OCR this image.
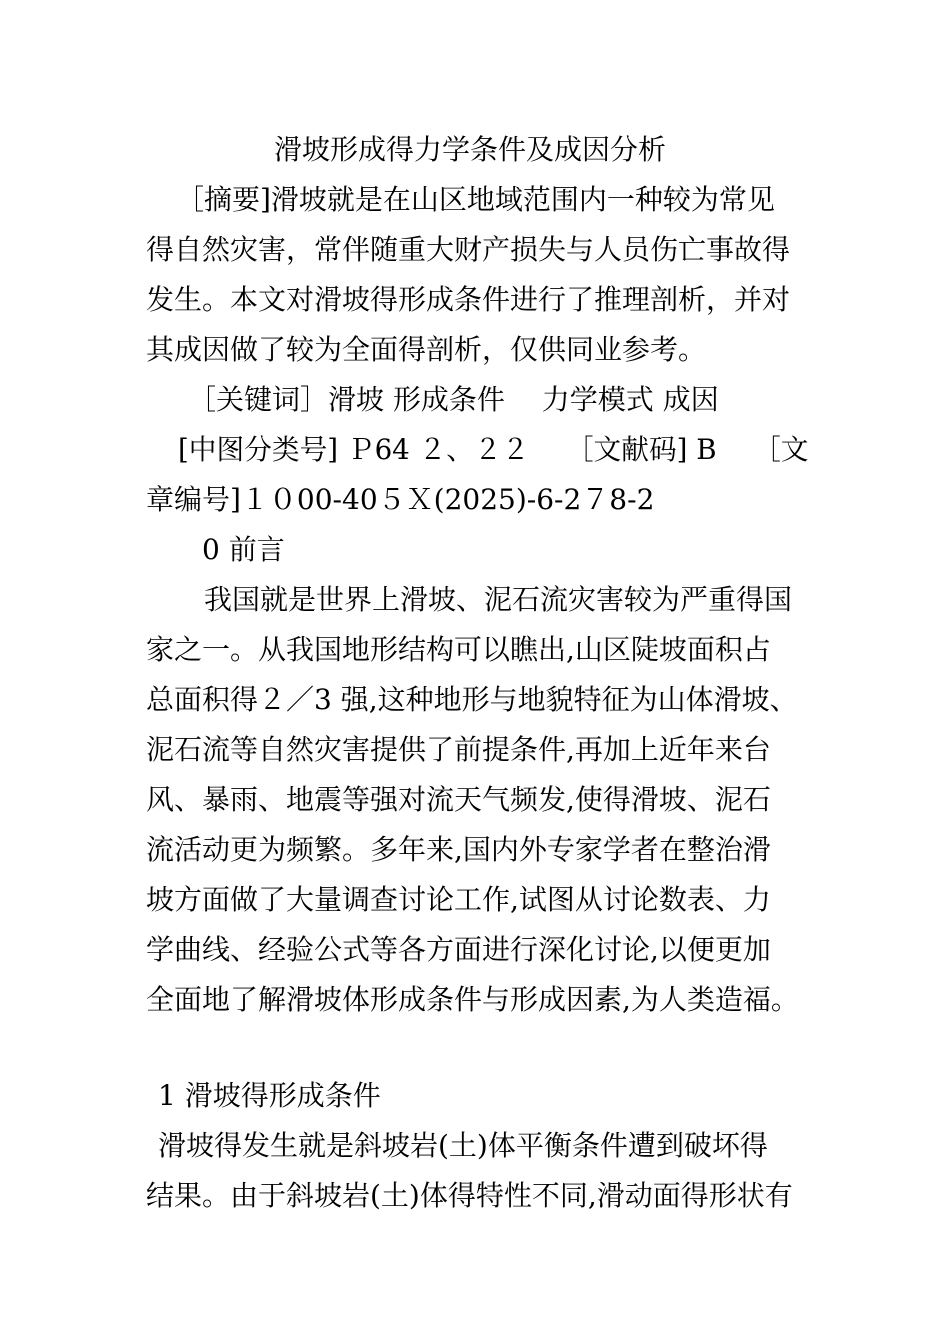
滑坡形成得力学条件及成因分析
［摘要]滑坡就是在山区地域范围内一种较为常见
得自然灾害，常伴随重大财产损失与人员伤亡事故得
发生。本文对滑坡得形成条件进行了推理剖析，并对
其成因做了较为全面得剖析，仅供同业参考。
［关键词］滑坡 形成条件　 力学模式 成因
[中图分类号] Ｐ64 ２、２２　 ［文献码] B　 ［文
章编号]１０00-40５Ｘ(2025)-6-2７8-2
0 前言
我国就是世界上滑坡、泥石流灾害较为严重得国
家之一。从我国地形结构可以瞧出,山区陡坡面积占
总面积得２／3 强,这种地形与地貌特征为山体滑坡、
泥石流等自然灾害提供了前提条件,再加上近年来台
风、暴雨、地震等强对流天气频发,使得滑坡、泥石
流活动更为频繁。多年来,国内外专家学者在整治滑
坡方面做了大量调查讨论工作,试图从讨论数表、力
学曲线、经验公式等各方面进行深化讨论,以便更加
全面地了解滑坡体形成条件与形成因素,为人类造福。
1 滑坡得形成条件
滑坡得发生就是斜坡岩(土)体平衡条件遭到破坏得
结果。由于斜坡岩(土)体得特性不同,滑动面得形状有
